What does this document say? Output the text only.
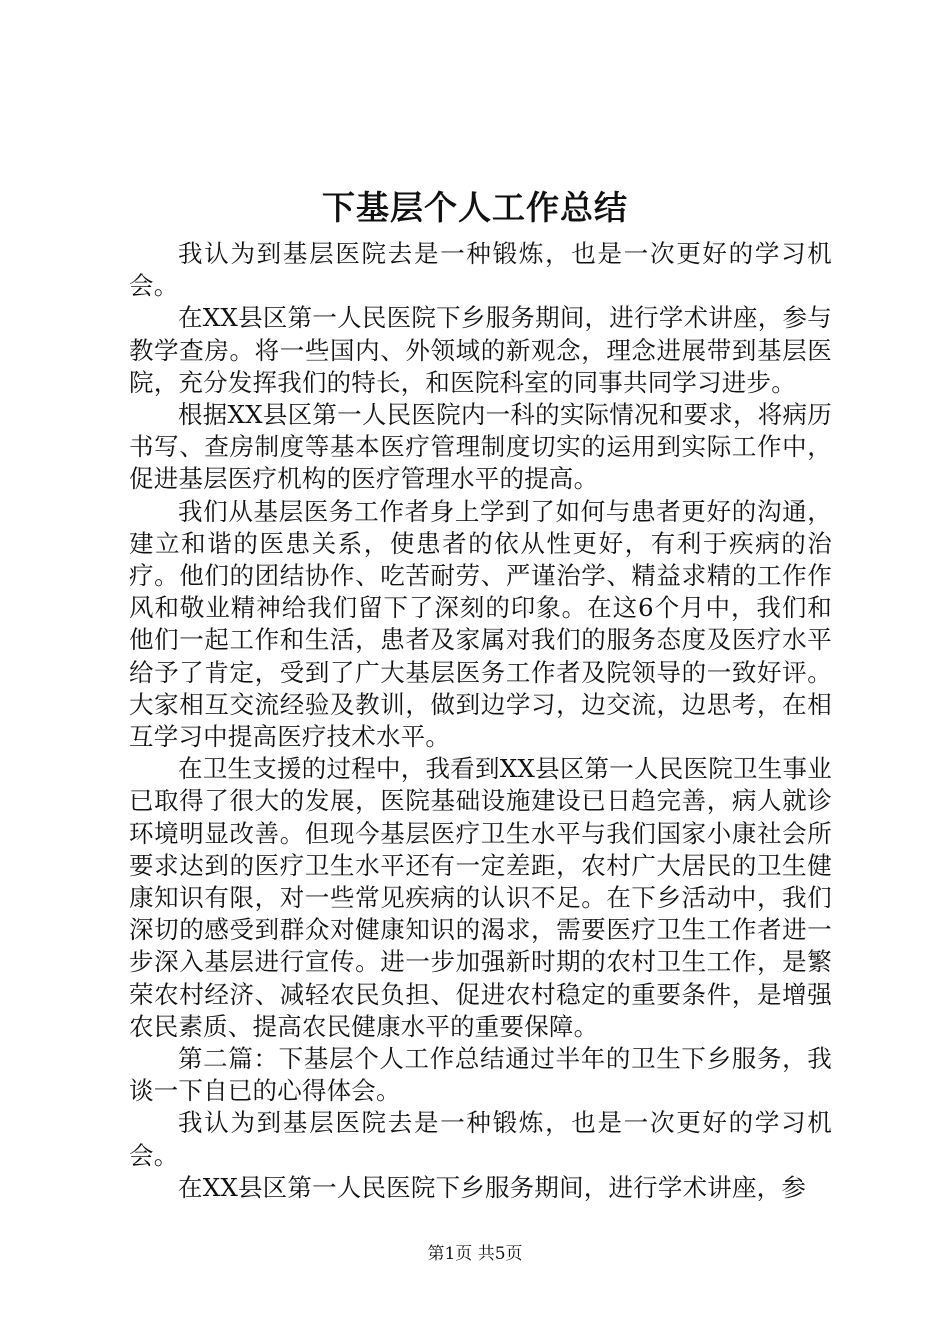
下基层个人工作总结

我认为到基层医院去是一种锻炼，也是一次更好的学习机会。

在XX县区第一人民医院下乡服务期间，进行学术讲座，参与教学查房。将一些国内、外领域的新观念，理念进展带到基层医院，充分发挥我们的特长，和医院科室的同事共同学习进步。

根据XX县区第一人民医院内一科的实际情况和要求，将病历书写、查房制度等基本医疗管理制度切实的运用到实际工作中，促进基层医疗机构的医疗管理水平的提高。

我们从基层医务工作者身上学到了如何与患者更好的沟通，建立和谐的医患关系，使患者的依从性更好，有利于疾病的治疗。他们的团结协作、吃苦耐劳、严谨治学、精益求精的工作作风和敬业精神给我们留下了深刻的印象。在这6个月中，我们和他们一起工作和生活，患者及家属对我们的服务态度及医疗水平给予了肯定，受到了广大基层医务工作者及院领导的一致好评。大家相互交流经验及教训，做到边学习，边交流，边思考，在相互学习中提高医疗技术水平。

在卫生支援的过程中，我看到XX县区第一人民医院卫生事业已取得了很大的发展，医院基础设施建设已日趋完善，病人就诊环境明显改善。但现今基层医疗卫生水平与我们国家小康社会所要求达到的医疗卫生水平还有一定差距，农村广大居民的卫生健康知识有限，对一些常见疾病的认识不足。在下乡活动中，我们深切的感受到群众对健康知识的渴求，需要医疗卫生工作者进一步深入基层进行宣传。进一步加强新时期的农村卫生工作，是繁荣农村经济、减轻农民负担、促进农村稳定的重要条件，是增强农民素质、提高农民健康水平的重要保障。

第二篇：下基层个人工作总结通过半年的卫生下乡服务，我谈一下自已的心得体会。

我认为到基层医院去是一种锻炼，也是一次更好的学习机会。

在XX县区第一人民医院下乡服务期间，进行学术讲座，参

第1页 共5页
